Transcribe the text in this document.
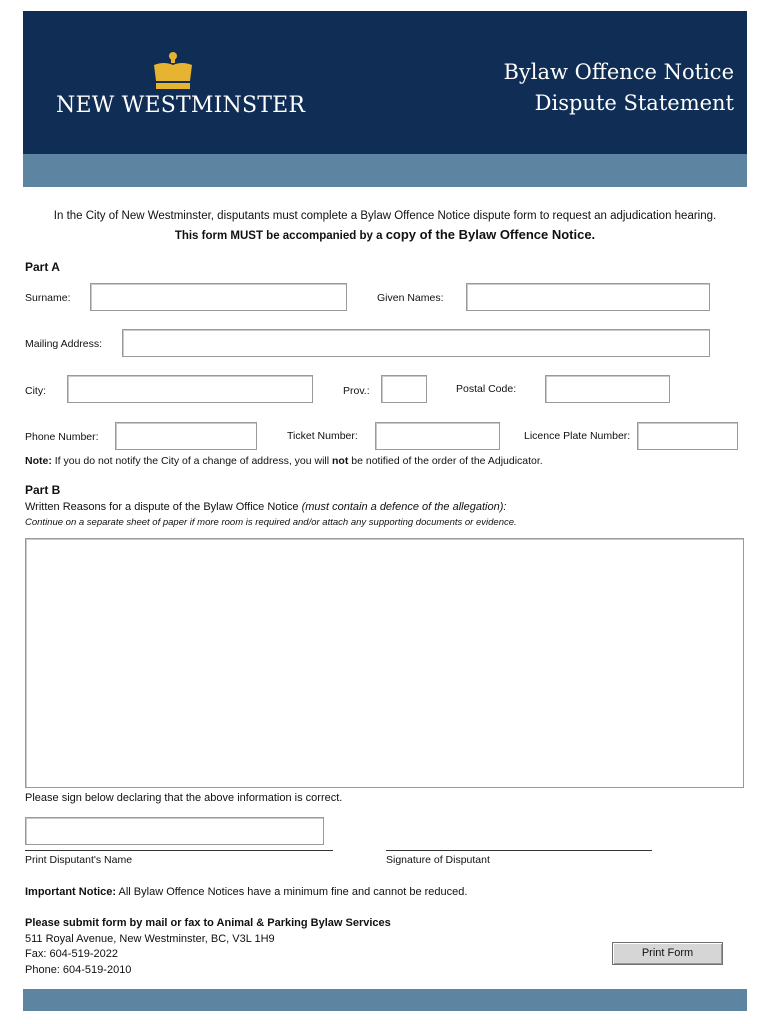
NEW WESTMINSTER
Bylaw Offence Notice
Dispute Statement
In the City of New Westminster, disputants must complete a Bylaw Offence Notice dispute form to request an adjudication hearing.
This form MUST be accompanied by a copy of the Bylaw Offence Notice.
Part A
Surname:	Given Names:
Mailing Address:
City:	Prov.:	Postal Code:
Phone Number:	Ticket Number:	Licence Plate Number:
Note: If you do not notify the City of a change of address, you will not be notified of the order of the Adjudicator.
Part B
Written Reasons for a dispute of the Bylaw Office Notice (must contain a defence of the allegation):
Continue on a separate sheet of paper if more room is required and/or attach any supporting documents or evidence.
Please sign below declaring that the above information is correct.
Print Disputant's Name	Signature of Disputant
Important Notice: All Bylaw Offence Notices have a minimum fine and cannot be reduced.
Please submit form by mail or fax to Animal & Parking Bylaw Services
511 Royal Avenue, New Westminster, BC, V3L 1H9
Fax: 604-519-2022
Phone: 604-519-2010
Print Form
